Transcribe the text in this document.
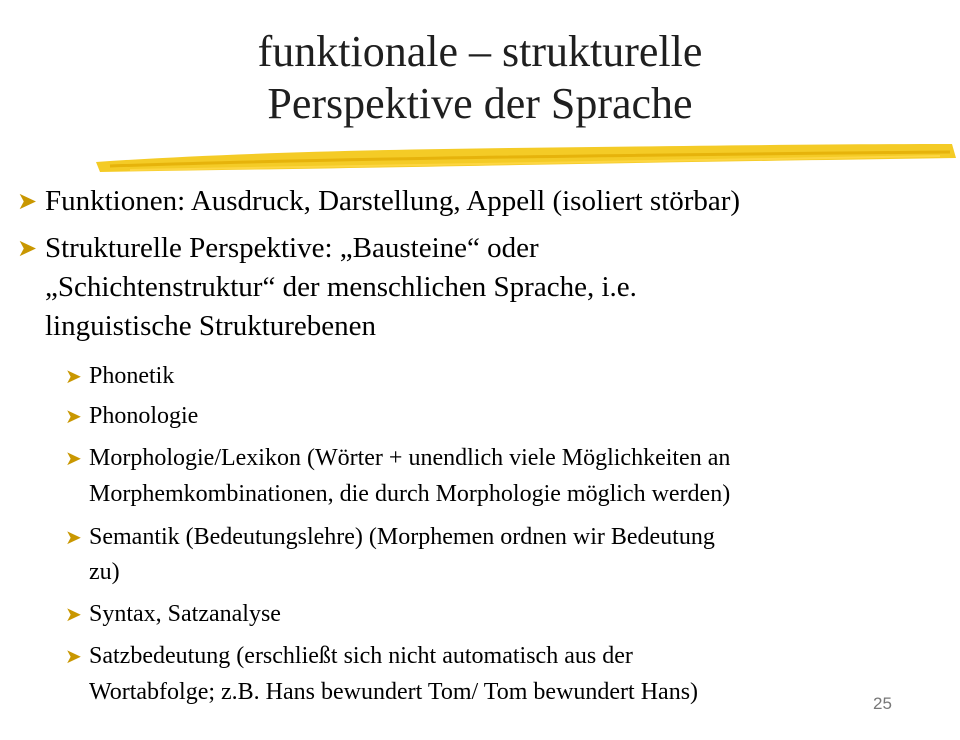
funktionale – strukturelle
Perspektive der Sprache
➤ Funktionen: Ausdruck, Darstellung, Appell (isoliert störbar)
➤ Strukturelle Perspektive: „Bausteine“ oder
„Schichtenstruktur“ der menschlichen Sprache, i.e.
linguistische Strukturebenen
➤ Phonetik
➤ Phonologie
➤ Morphologie/Lexikon (Wörter + unendlich viele Möglichkeiten an
Morphemkombinationen, die durch Morphologie möglich werden)
➤ Semantik (Bedeutungslehre) (Morphemen ordnen wir Bedeutung
zu)
➤ Syntax, Satzanalyse
➤ Satzbedeutung (erschließt sich nicht automatisch aus der
Wortabfolge; z.B. Hans bewundert Tom/ Tom bewundert Hans)	25
